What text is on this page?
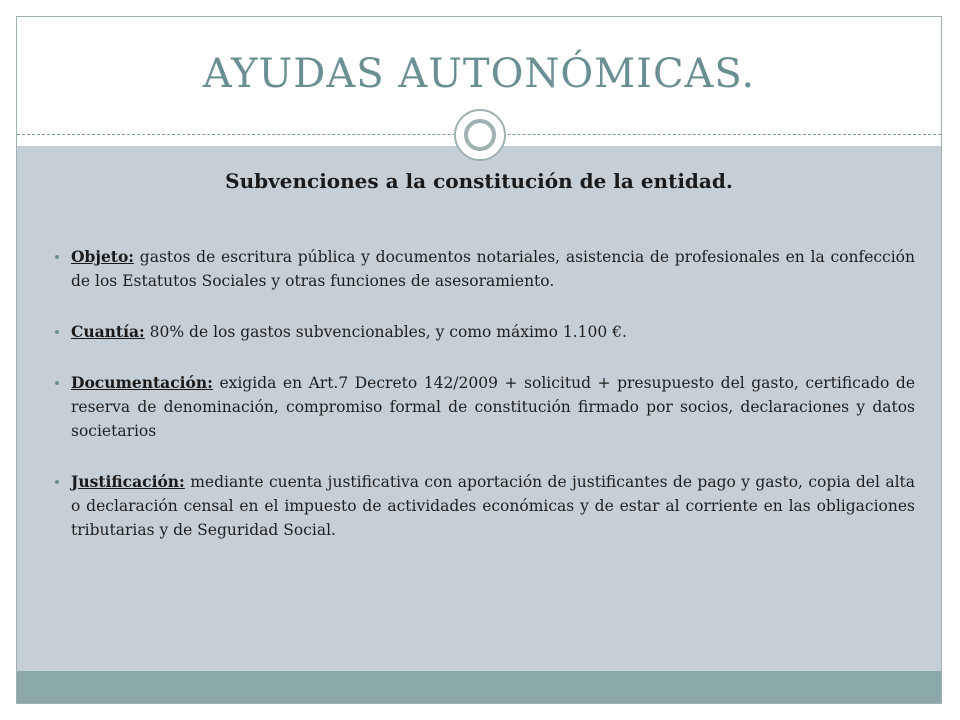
AYUDAS AUTONÓMICAS.
Subvenciones a la constitución de la entidad.
Objeto: gastos de escritura pública y documentos notariales, asistencia de profesionales en la confección de los Estatutos Sociales y otras funciones de asesoramiento.
Cuantía: 80% de los gastos subvencionables, y como máximo 1.100 €.
Documentación: exigida en Art.7 Decreto 142/2009 + solicitud + presupuesto del gasto, certificado de reserva de denominación, compromiso formal de constitución firmado por socios, declaraciones y datos societarios
Justificación: mediante cuenta justificativa con aportación de justificantes de pago y gasto, copia del alta o declaración censal en el impuesto de actividades económicas y de estar al corriente en las obligaciones tributarias y de Seguridad Social.
